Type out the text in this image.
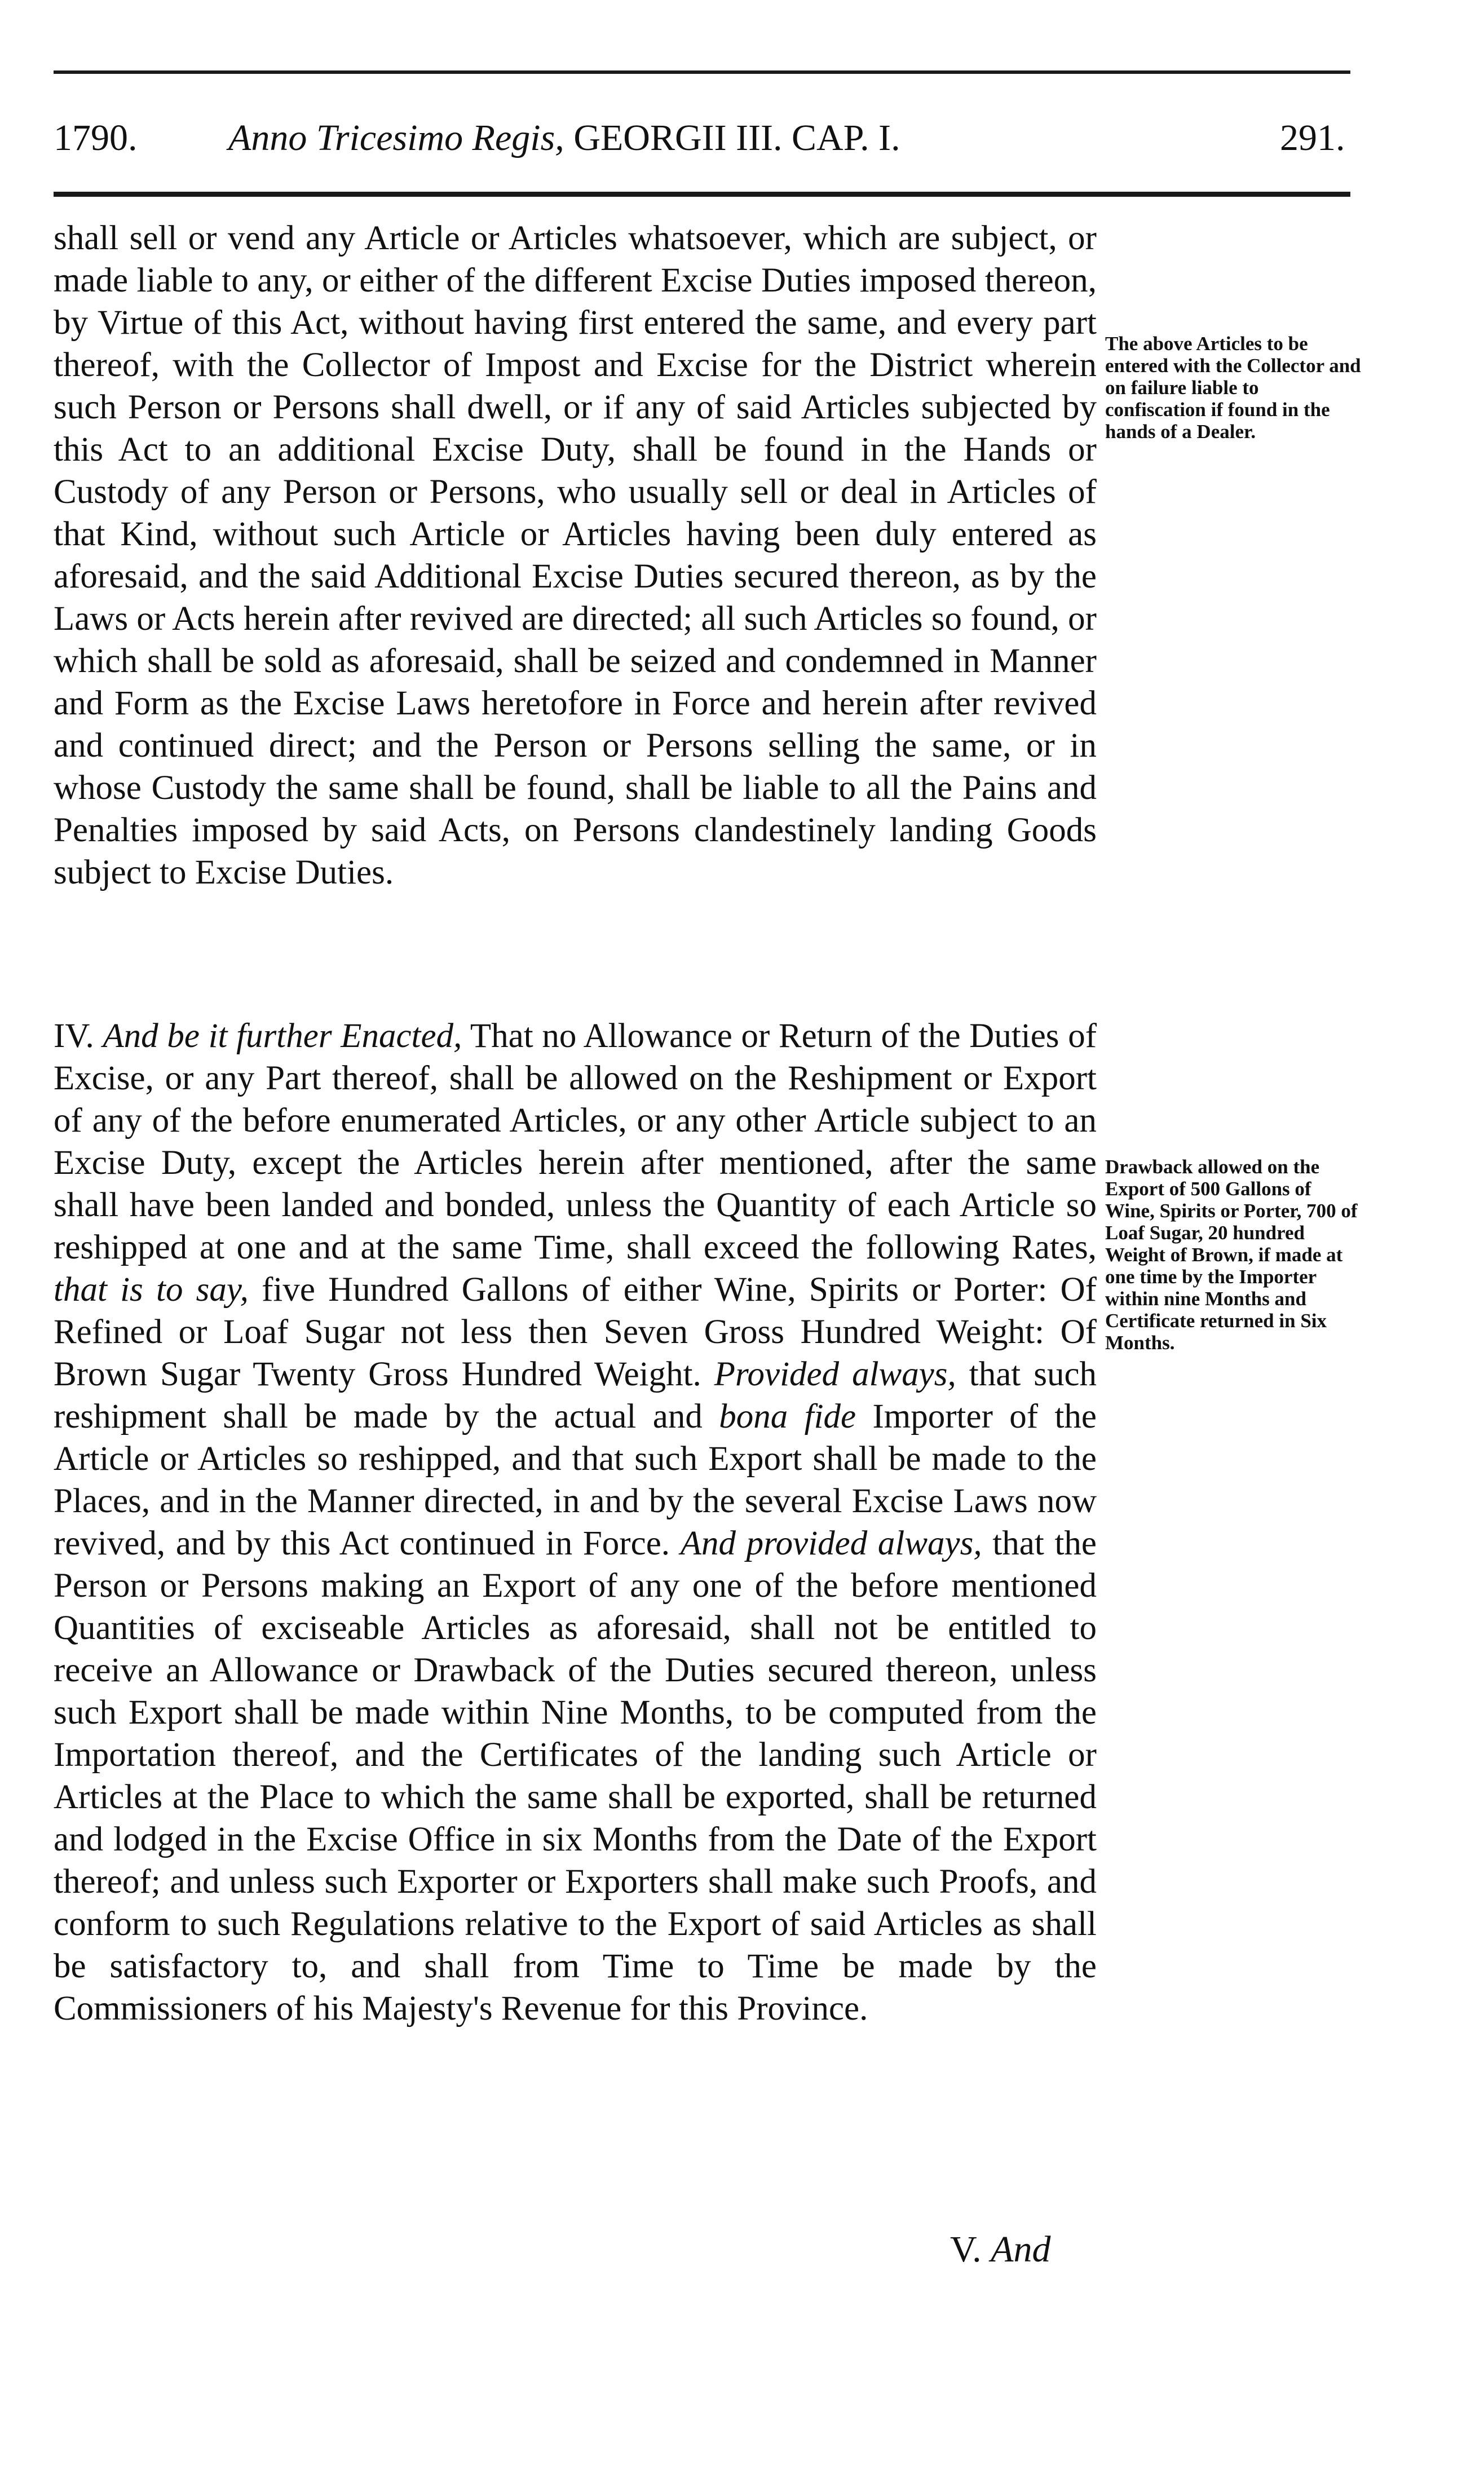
1790. Anno Tricesimo Regis, GEORGII III. CAP. I.	291.

shall sell or vend any Article or Articles whatsoever, which are subject, or made liable to any, or either of the different Excise Duties imposed thereon, by Virtue of this Act, without having first entered the same, and every part thereof, with the Collector of Impost and Excise for the District wherein such Person or Persons shall dwell, or if any of said Articles subjected by this Act to an additional Excise Duty, shall be found in the Hands or Custody of any Person or Persons, who usually sell or deal in Articles of that Kind, without such Article or Articles having been duly entered as aforesaid, and the said Additional Excise Duties secured thereon, as by the Laws or Acts herein after revived are directed; all such Articles so found, or which shall be sold as aforesaid, shall be seized and condemned in Manner and Form as the Excise Laws heretofore in Force and herein after revived and continued direct; and the Person or Persons selling the same, or in whose Custody the same shall be found, shall be liable to all the Pains and Penalties imposed by said Acts, on Persons clandestinely landing Goods subject to Excise Duties.

The above Articles to be entered with the Collector and on failure liable to confiscation if found in the hands of a Dealer.

IV. And be it further Enacted, That no Allowance or Return of the Duties of Excise, or any Part thereof, shall be allowed on the Reshipment or Export of any of the before enumerated Articles, or any other Article subject to an Excise Duty, except the Articles herein after mentioned, after the same shall have been landed and bonded, unless the Quantity of each Article so reshipped at one and at the same Time, shall exceed the following Rates, that is to say, five Hundred Gallons of either Wine, Spirits or Porter: Of Refined or Loaf Sugar not less then Seven Gross Hundred Weight: Of Brown Sugar Twenty Gross Hundred Weight. Provided always, that such reshipment shall be made by the actual and bona fide Importer of the Article or Articles so reshipped, and that such Export shall be made to the Places, and in the Manner directed, in and by the several Excise Laws now revived, and by this Act continued in Force. And provided always, that the Person or Persons making an Export of any one of the before mentioned Quantities of exciseable Articles as aforesaid, shall not be entitled to receive an Allowance or Drawback of the Duties secured thereon, unless such Export shall be made within Nine Months, to be computed from the Importation thereof, and the Certificates of the landing such Article or Articles at the Place to which the same shall be exported, shall be returned and lodged in the Excise Office in six Months from the Date of the Export thereof; and unless such Exporter or Exporters shall make such Proofs, and conform to such Regulations relative to the Export of said Articles as shall be satisfactory to, and shall from Time to Time be made by the Commissioners of his Majesty's Revenue for this Province.

Drawback allowed on the Export of 500 Gallons of Wine, Spirits or Porter, 700 of Loaf Sugar, 20 hundred Weight of Brown, if made at one time by the Importer within nine Months and Certificate returned in Six Months.
V. And
